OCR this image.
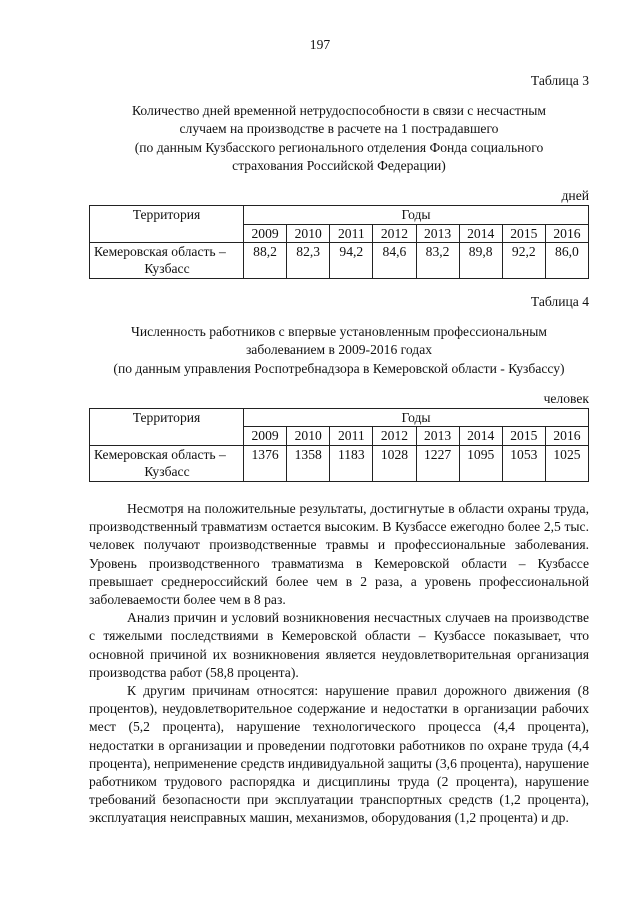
197
Таблица 3
Количество дней временной нетрудоспособности в связи с несчастным
случаем на производстве в расчете на 1 пострадавшего
(по данным Кузбасского регионального отделения Фонда социального
страхования Российской Федерации)
дней
Территория	Годы							
	2009	2010	2011	2012	2013	2014	2015	2016
Кемеровская область –
Кузбасс	88,2	82,3	94,2	84,6	83,2	89,8	92,2	86,0
Таблица 4
Численность работников с впервые установленным профессиональным
заболеванием в 2009-2016 годах
(по данным управления Роспотребнадзора в Кемеровской области - Кузбассу)
человек
Территория	Годы							
	2009	2010	2011	2012	2013	2014	2015	2016
Кемеровская область –
Кузбасс	1376	1358	1183	1028	1227	1095	1053	1025

Несмотря на положительные результаты, достигнутые в области охраны труда, производственный травматизм остается высоким. В Кузбассе ежегодно более 2,5 тыс. человек получают производственные травмы и профессиональные заболевания. Уровень производственного травматизма в Кемеровской области – Кузбассе превышает среднероссийский более чем в 2 раза, а уровень профессиональной заболеваемости более чем в 8 раз.

Анализ причин и условий возникновения несчастных случаев на производстве с тяжелыми последствиями в Кемеровской области – Кузбассе показывает, что основной причиной их возникновения является неудовлетворительная организация производства работ (58,8 процента).

К другим причинам относятся: нарушение правил дорожного движения (8 процентов), неудовлетворительное содержание и недостатки в организации рабочих мест (5,2 процента), нарушение технологического процесса (4,4 процента), недостатки в организации и проведении подготовки работников по охране труда (4,4 процента), неприменение средств индивидуальной защиты (3,6 процента), нарушение работником трудового распорядка и дисциплины труда (2 процента), нарушение требований безопасности при эксплуатации транспортных средств (1,2 процента), эксплуатация неисправных машин, механизмов, оборудования (1,2 процента) и др.
